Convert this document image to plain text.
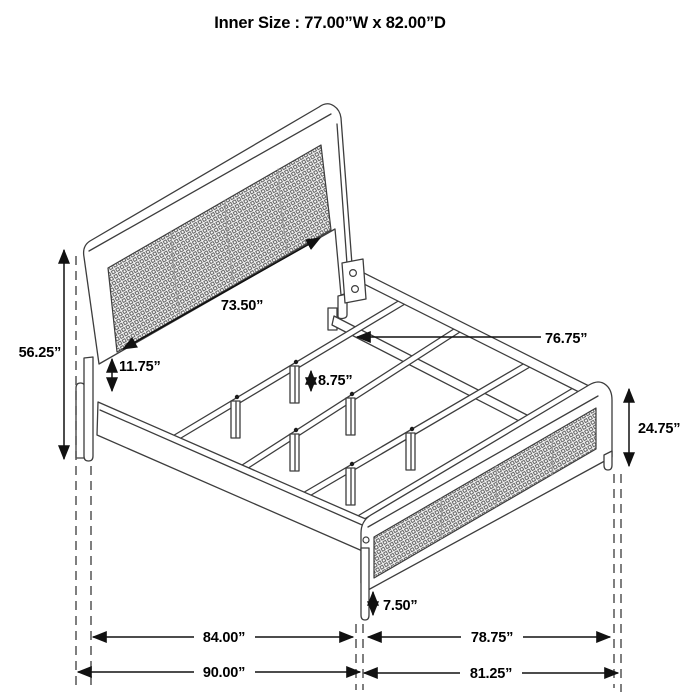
Inner Size : 77.00”W x 82.00”D
56.25”
11.75”
73.50”
8.75”
76.75”
24.75”
7.50”
84.00”	78.75”
90.00”	81.25”
